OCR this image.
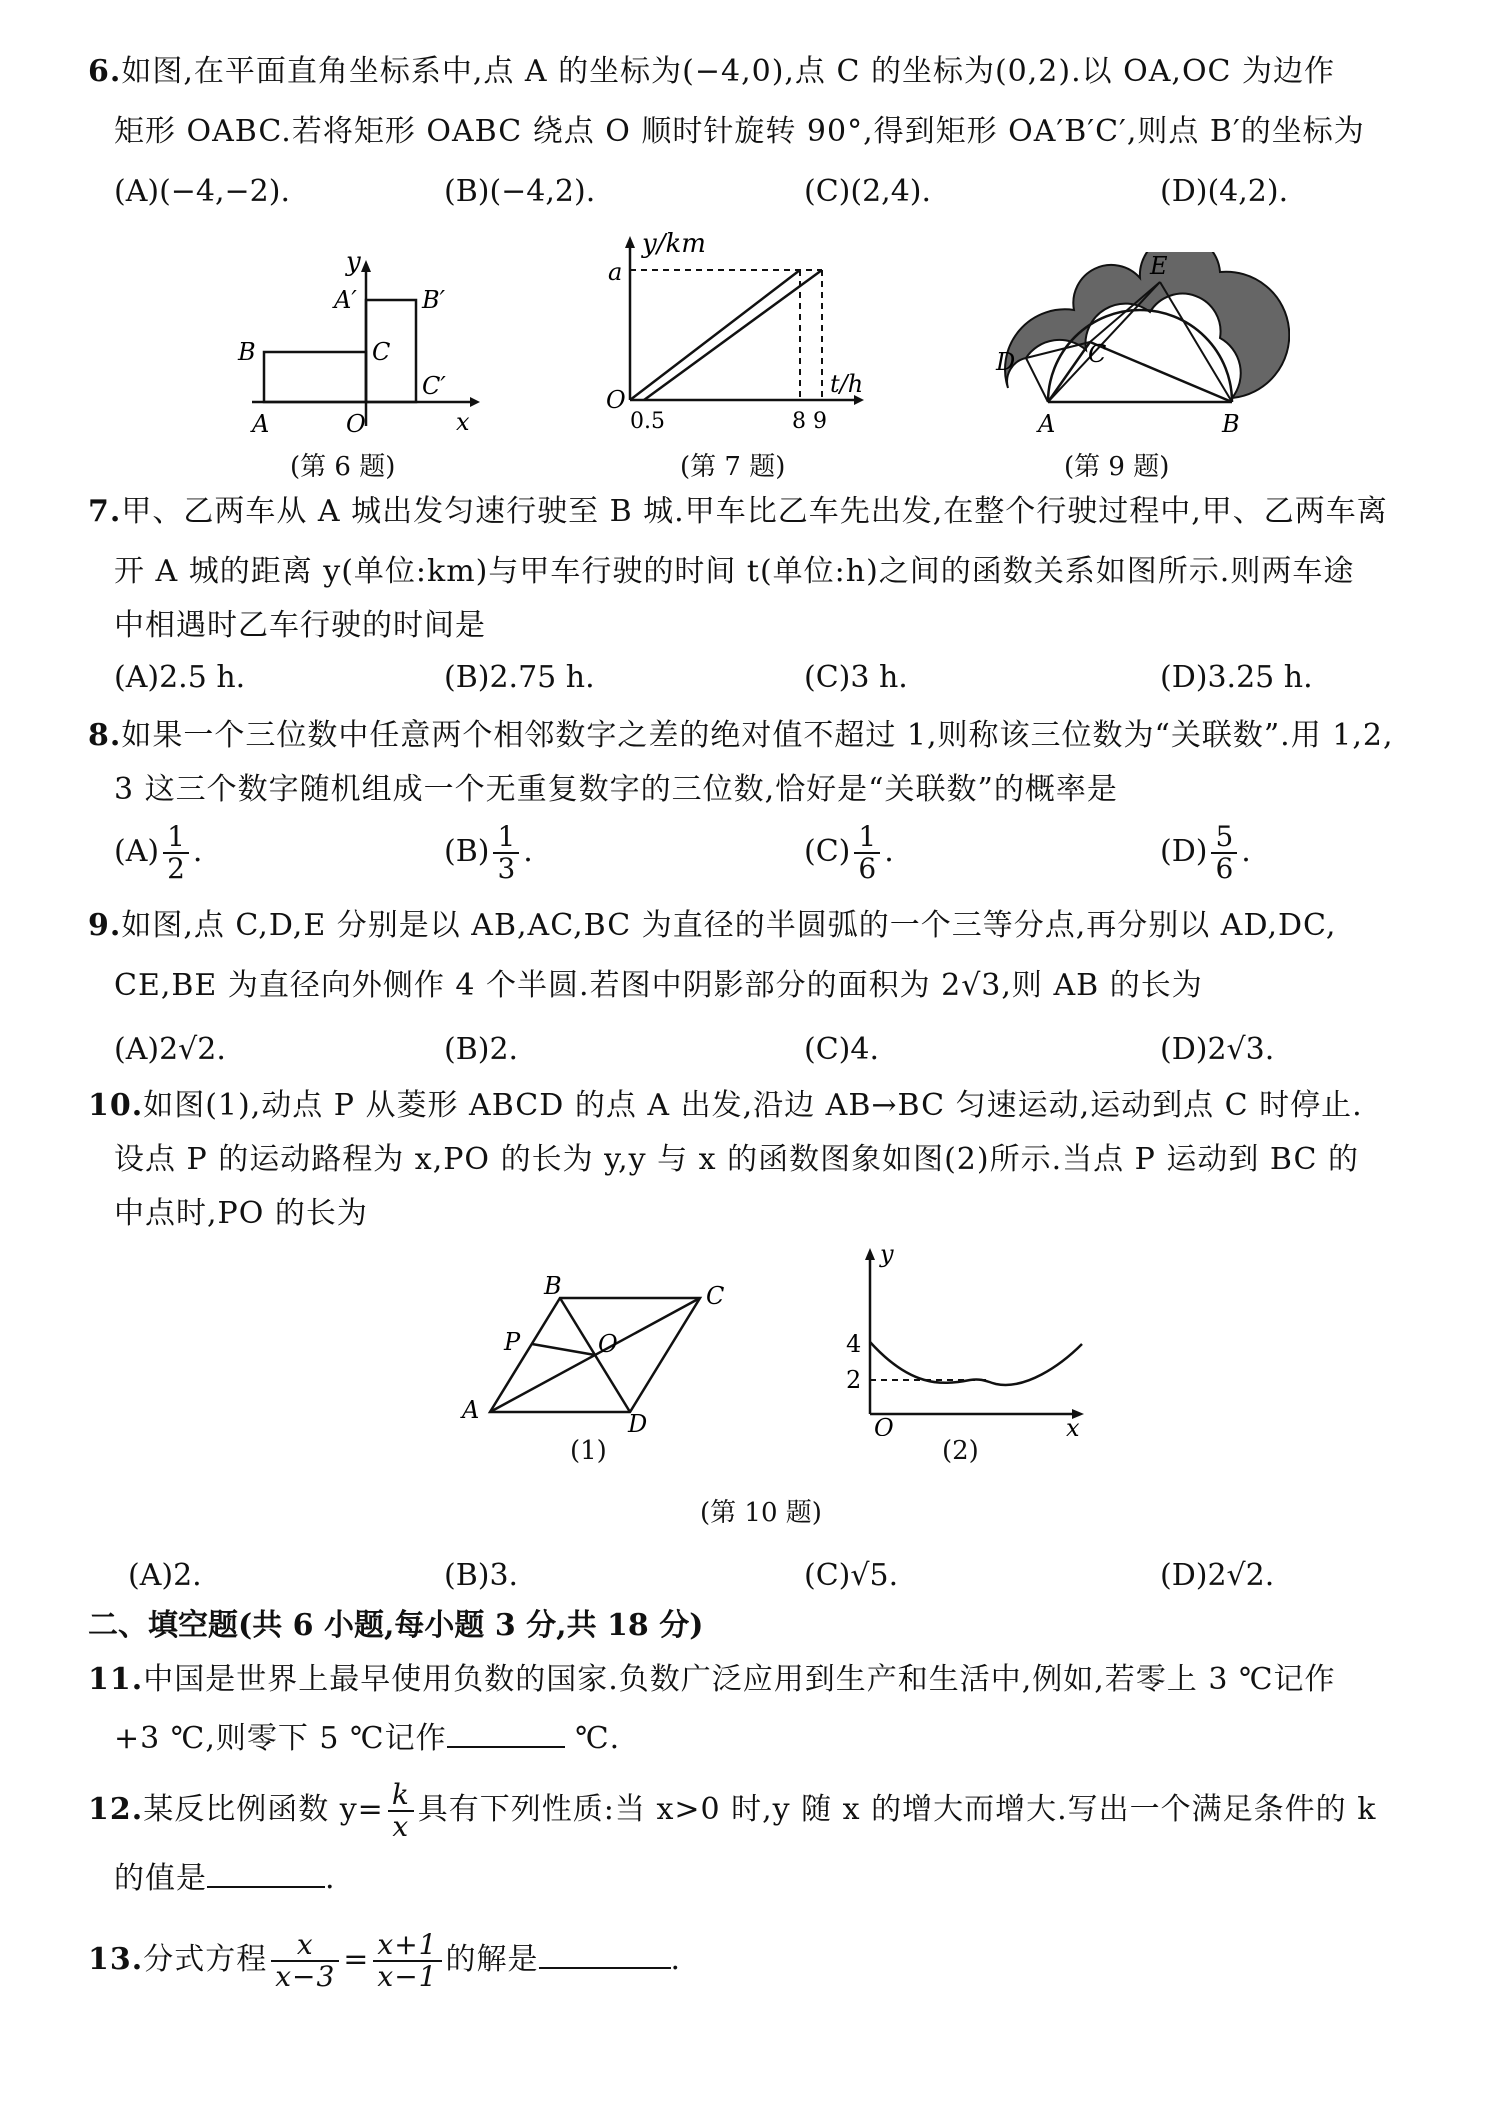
6.如图,在平面直角坐标系中,点 A 的坐标为(−4,0),点 C 的坐标为(0,2).以 OA,OC 为边作
矩形 OABC.若将矩形 OABC 绕点 O 顺时针旋转 90°,得到矩形 OA′B′C′,则点 B′的坐标为
(A)(−4,−2).	(B)(−4,2).	(C)(2,4).	(D)(4,2).
y
A′	B′
B	C
C′
A	O	x
(第 6 题)
y/km
a
O
t/h
0.5	8 9
(第 7 题)
E
C
D
A	B
(第 9 题)
7.甲、乙两车从 A 城出发匀速行驶至 B 城.甲车比乙车先出发,在整个行驶过程中,甲、乙两车离
开 A 城的距离 y(单位:km)与甲车行驶的时间 t(单位:h)之间的函数关系如图所示.则两车途
中相遇时乙车行驶的时间是
(A)2.5 h.	(B)2.75 h.	(C)3 h.	(D)3.25 h.
8.如果一个三位数中任意两个相邻数字之差的绝对值不超过 1,则称该三位数为“关联数”.用 1,2,
3 这三个数字随机组成一个无重复数字的三位数,恰好是“关联数”的概率是
$(A) \frac{1}{2}$ .	$(B) \frac{1}{3}$ .	$(C) \frac{1}{6}$ .	$(D) \frac{5}{6}$ .
9.如图,点 C,D,E 分别是以 AB,AC,BC 为直径的半圆弧的一个三等分点,再分别以 AD,DC,
CE,BE 为直径向外侧作 4 个半圆.若图中阴影部分的面积为 2√3,则 AB 的长为
(A)2√2.	(B)2.	(C)4.	(D)2√3.
10.如图(1),动点 P 从菱形 ABCD 的点 A 出发,沿边 AB→BC 匀速运动,运动到点 C 时停止.
设点 P 的运动路程为 x,PO 的长为 y,y 与 x 的函数图象如图(2)所示.当点 P 运动到 BC 的
中点时,PO 的长为
B	C
P	O
A	D
(1)
y
4
2
O	x
(2)
(第 10 题)
(A)2.	(B)3.	(C)√5.	(D)2√2.
二、填空题(共 6 小题,每小题 3 分,共 18 分)
11.中国是世界上最早使用负数的国家.负数广泛应用到生产和生活中,例如,若零上 3 ℃记作
+3 ℃,则零下 5 ℃记作	℃.
12.某反比例函数 $y= \frac{k}{x}$ 具有下列性质:当 x>0 时,y 随 x 的增大而增大.写出一个满足条件的 k
的值是	.
13.分式方程 $\frac{x}{x-3} = \frac{x+1}{x-1}$ 的解是	.
